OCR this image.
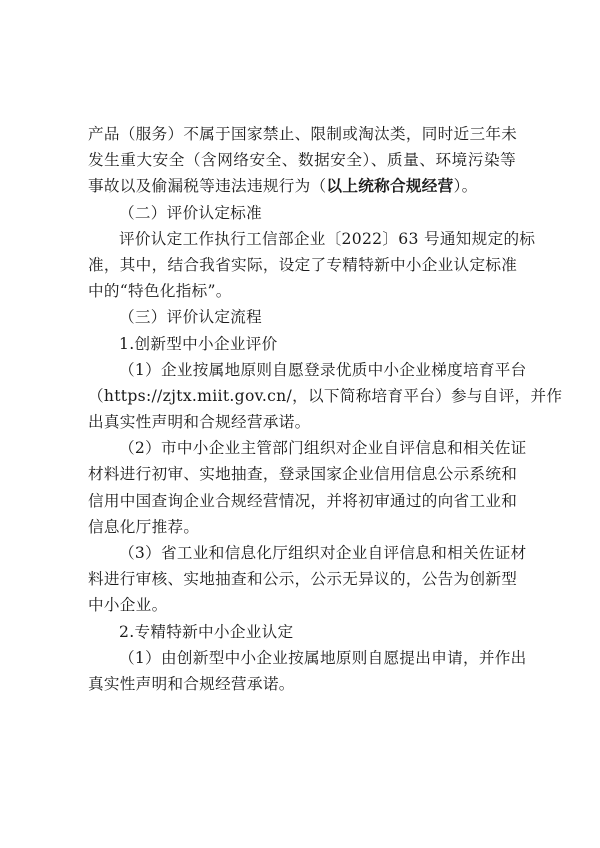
产品（服务）不属于国家禁止、限制或淘汰类，同时近三年未
发生重大安全（含网络安全、数据安全）、质量、环境污染等
事故以及偷漏税等违法违规行为（以上统称合规经营）。
（二）评价认定标准
评价认定工作执行工信部企业〔2022〕63 号通知规定的标
准，其中，结合我省实际，设定了专精特新中小企业认定标准
中的“特色化指标”。
（三）评价认定流程
1.创新型中小企业评价
（1）企业按属地原则自愿登录优质中小企业梯度培育平台
（https://zjtx.miit.gov.cn/，以下简称培育平台）参与自评，并作
出真实性声明和合规经营承诺。
（2）市中小企业主管部门组织对企业自评信息和相关佐证
材料进行初审、实地抽查，登录国家企业信用信息公示系统和
信用中国查询企业合规经营情况，并将初审通过的向省工业和
信息化厅推荐。
（3）省工业和信息化厅组织对企业自评信息和相关佐证材
料进行审核、实地抽查和公示，公示无异议的，公告为创新型
中小企业。
2.专精特新中小企业认定
（1）由创新型中小企业按属地原则自愿提出申请，并作出
真实性声明和合规经营承诺。
